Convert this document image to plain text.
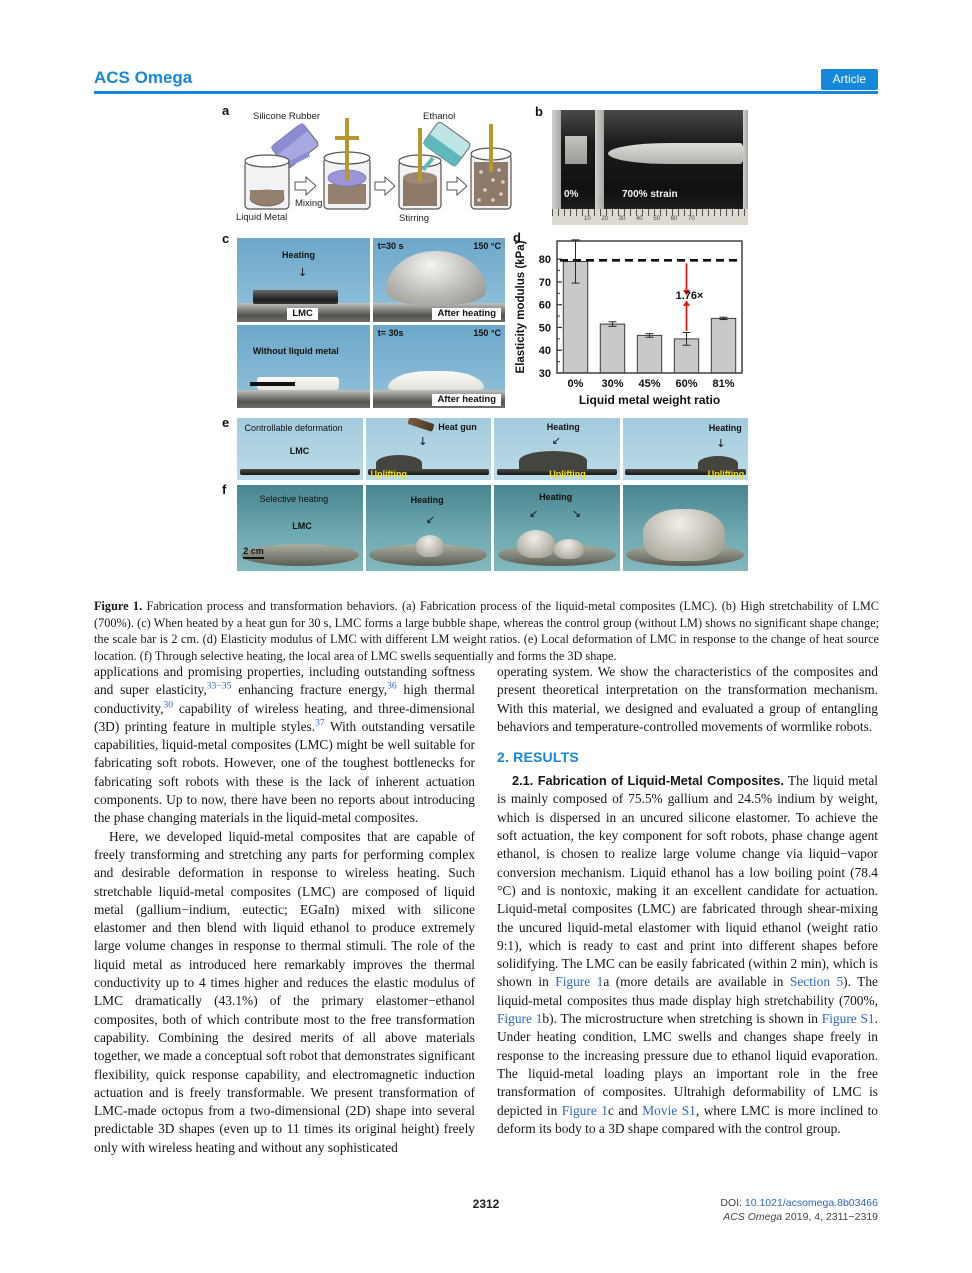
ACS Omega	Article
a	Silicone Rubber	Ethanol
Mixing
Stirring
Liquid Metal
b
0%	700% strain
10 20 30 40 50 60 70
c
Heating
↓
LMC
t=30 s	150 °C
After heating
Without liquid metal
t= 30s	150 °C
After heating
d
0% 30% 45% 60% 81%
30
40
50
60
70
80
1.76×
Liquid metal weight ratio
Elasticity modulus (kPa)
e Controllable deformation
LMC
Heat gun
↓
Uplifting
Heating
↙
Uplifting
Heating
↓
Uplifting
f
Selective heating
LMC
2 cm
Heating
↙
Heating
↙	↘

Figure 1. Fabrication process and transformation behaviors. (a) Fabrication process of the liquid-metal composites (LMC). (b) High stretchability of LMC (700%). (c) When heated by a heat gun for 30 s, LMC forms a large bubble shape, whereas the control group (without LM) shows no significant shape change; the scale bar is 2 cm. (d) Elasticity modulus of LMC with different LM weight ratios. (e) Local deformation of LMC in response to the change of heat source location. (f) Through selective heating, the local area of LMC swells sequentially and forms the 3D shape.

applications and promising properties, including outstanding softness and super elasticity,$^{33-35}$ enhancing fracture energy,$^{36}$ high thermal conductivity,$^{30}$ capability of wireless heating, and three-dimensional (3D) printing feature in multiple styles.$^{37}$ With outstanding versatile capabilities, liquid-metal composites (LMC) might be well suitable for fabricating soft robots. However, one of the toughest bottlenecks for fabricating soft robots with these is the lack of inherent actuation components. Up to now, there have been no reports about introducing the phase changing materials in the liquid-metal composites.

Here, we developed liquid-metal composites that are capable of freely transforming and stretching any parts for performing complex and desirable deformation in response to wireless heating. Such stretchable liquid-metal composites (LMC) are composed of liquid metal (gallium−indium, eutectic; EGaIn) mixed with silicone elastomer and then blend with liquid ethanol to produce extremely large volume changes in response to thermal stimuli. The role of the liquid metal as introduced here remarkably improves the thermal conductivity up to 4 times higher and reduces the elastic modulus of LMC dramatically (43.1%) of the primary elastomer−ethanol composites, both of which contribute most to the free transformation capability. Combining the desired merits of all above materials together, we made a conceptual soft robot that demonstrates significant flexibility, quick response capability, and electromagnetic induction actuation and is freely transformable. We present transformation of LMC-made octopus from a two-dimensional (2D) shape into several predictable 3D shapes (even up to 11 times its original height) freely only with wireless heating and without any sophisticated

operating system. We show the characteristics of the composites and present theoretical interpretation on the transformation mechanism. With this material, we designed and evaluated a group of entangling behaviors and temperature-controlled movements of wormlike robots.

2. RESULTS

2.1. Fabrication of Liquid-Metal Composites. The liquid metal is mainly composed of 75.5% gallium and 24.5% indium by weight, which is dispersed in an uncured silicone elastomer. To achieve the soft actuation, the key component for soft robots, phase change agent ethanol, is chosen to realize large volume change via liquid−vapor conversion mechanism. Liquid ethanol has a low boiling point (78.4 °C) and is nontoxic, making it an excellent candidate for actuation. Liquid-metal composites (LMC) are fabricated through shear-mixing the uncured liquid-metal elastomer with liquid ethanol (weight ratio 9:1), which is ready to cast and print into different shapes before solidifying. The LMC can be easily fabricated (within 2 min), which is shown in Figure 1a (more details are available in Section 5). The liquid-metal composites thus made display high stretchability (700%, Figure 1b). The microstructure when stretching is shown in Figure S1. Under heating condition, LMC swells and changes shape freely in response to the increasing pressure due to ethanol liquid evaporation. The liquid-metal loading plays an important role in the free transformation of composites. Ultrahigh deformability of LMC is depicted in Figure 1c and Movie S1, where LMC is more inclined to deform its body to a 3D shape compared with the control group.

2312	DOI: 10.1021/acsomega.8b03466
ACS Omega 2019, 4, 2311−2319
